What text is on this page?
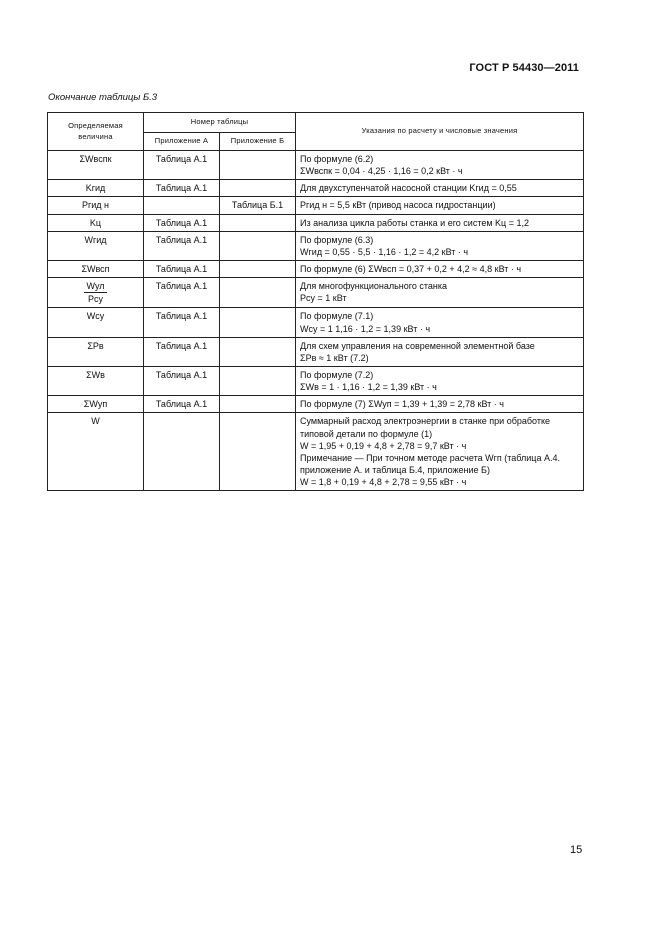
ГОСТ Р 54430—2011
Окончание таблицы Б.3
Определяемая величина	Номер таблицы		Указания по расчету и числовые значения
	Приложение А	Приложение Б	
ΣWвспк	Таблица А.1		По формуле (6.2)
ΣWвспк = 0,04 · 4,25 · 1,16 = 0,2 кВт · ч

Kгид	Таблица А.1		Для двухступенчатой насосной станции Kгид = 0,55

Pгид н		Таблица Б.1	Pгид н = 5,5 кВт (привод насоса гидростанции)

Kц	Таблица А.1		Из анализа цикла работы станка и его систем Kц = 1,2

Wгид	Таблица А.1		По формуле (6.3)
Wгид = 0,55 · 5,5 · 1,16 · 1,2 = 4,2 кВт · ч

ΣWвсп	Таблица А.1		По формуле (6) ΣWвсп = 0,37 + 0,2 + 4,2 ≈ 4,8 кВт · ч

$\frac{\text{Wул}}{\text{Pсу}}$	Таблица А.1		Для многофункционального станка
Pсу = 1 кВт

Wсу	Таблица А.1		По формуле (7.1)
Wсу = 1 1,16 · 1,2 = 1,39 кВт · ч

ΣPв	Таблица А.1		Для схем управления на современной элементной базе
ΣPв ≈ 1 кВт (7.2)

ΣWв	Таблица А.1		По формуле (7.2)
ΣWв = 1 · 1,16 · 1,2 = 1,39 кВт · ч

ΣWуп	Таблица А.1		По формуле (7) ΣWуп = 1,39 + 1,39 = 2,78 кВт · ч

W			Суммарный расход электроэнергии в станке при обработке типовой детали по формуле (1)
W = 1,95 + 0,19 + 4,8 + 2,78 = 9,7 кВт · ч
Примечание — При точном методе расчета Wгп (таблица А.4. приложение А. и таблица Б.4, приложение Б)
W = 1,8 + 0,19 + 4,8 + 2,78 = 9,55 кВт · ч
15
